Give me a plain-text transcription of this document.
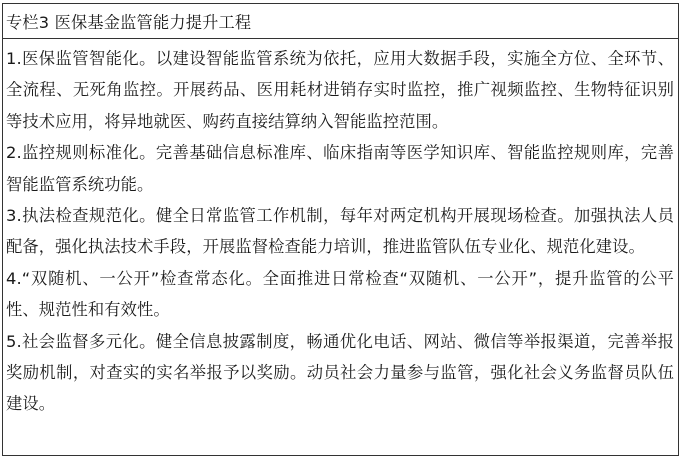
专栏3 医保基金监管能力提升工程

1.医保监管智能化。以建设智能监管系统为依托，应用大数据手段，实施全方位、全环节、全流程、无死角监控。开展药品、医用耗材进销存实时监控，推广视频监控、生物特征识别等技术应用，将异地就医、购药直接结算纳入智能监控范围。

2.监控规则标准化。完善基础信息标准库、临床指南等医学知识库、智能监控规则库，完善智能监管系统功能。

3.执法检查规范化。健全日常监管工作机制，每年对两定机构开展现场检查。加强执法人员配备，强化执法技术手段，开展监督检查能力培训，推进监管队伍专业化、规范化建设。

4.“双随机、一公开”检查常态化。全面推进日常检查“双随机、一公开”，提升监管的公平性、规范性和有效性。

5.社会监督多元化。健全信息披露制度，畅通优化电话、网站、微信等举报渠道，完善举报奖励机制，对查实的实名举报予以奖励。动员社会力量参与监管，强化社会义务监督员队伍建设。
